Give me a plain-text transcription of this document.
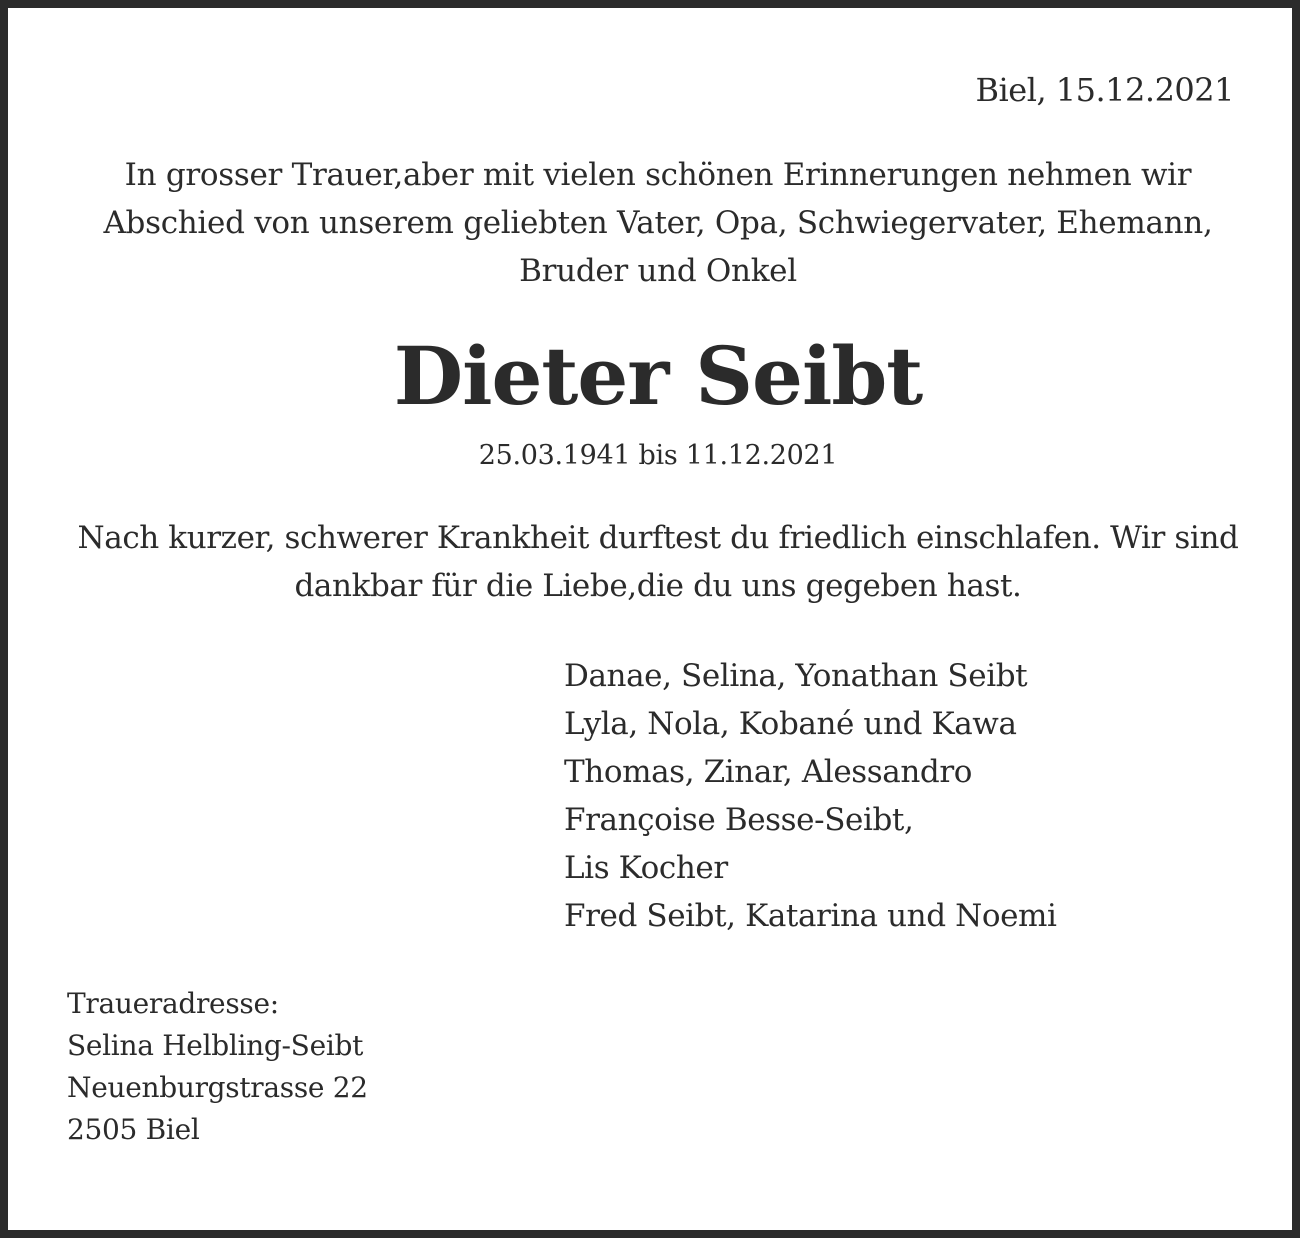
Biel, 15.12.2021
In grosser Trauer,aber mit vielen schönen Erinnerungen nehmen wir
Abschied von unserem geliebten Vater, Opa, Schwiegervater, Ehemann,
Bruder und Onkel
Dieter Seibt
25.03.1941 bis 11.12.2021
Nach kurzer, schwerer Krankheit durftest du friedlich einschlafen. Wir sind
dankbar für die Liebe,die du uns gegeben hast.
Danae, Selina, Yonathan Seibt
Lyla, Nola, Kobané und Kawa
Thomas, Zinar, Alessandro
Françoise Besse-Seibt,
Lis Kocher
Fred Seibt, Katarina und Noemi
Traueradresse:
Selina Helbling-Seibt
Neuenburgstrasse 22
2505 Biel
